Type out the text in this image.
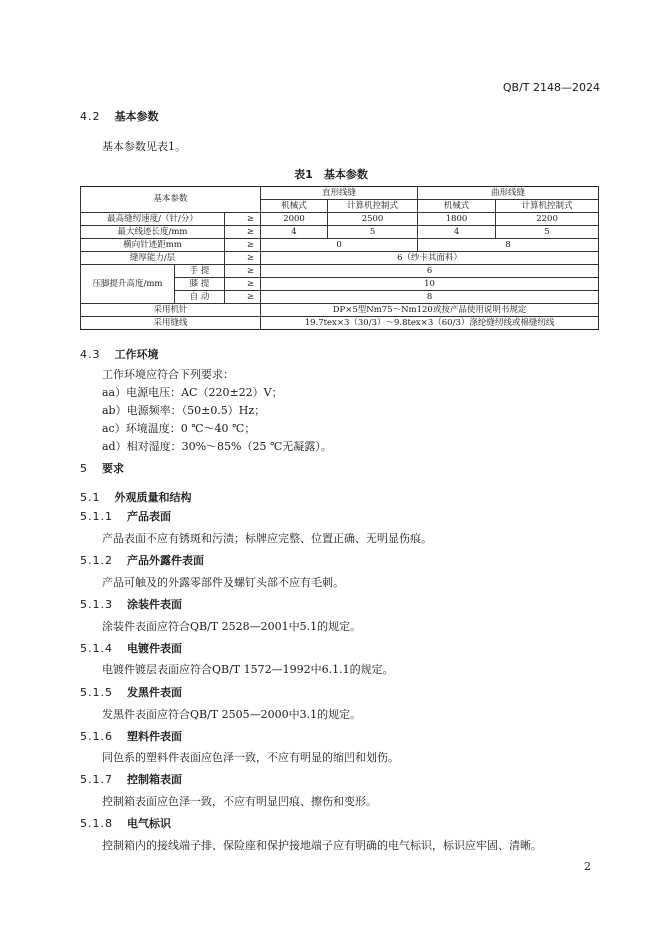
QB/T 2148—2024
4.2 基本参数
基本参数见表1。
表1　基本参数
基本参数			直形线缝		曲形线缝	
			机械式	计算机控制式	机械式	计算机控制式
最高缝纫速度/（针/分）		≥	2000	2500	1800	2200
最大线迹长度/mm		≥	4	5	4	5
横向针迹距mm		≥	0		8	
缝厚能力/层		≥	6（纱卡其面料）			
压脚提升高度/mm	手 提	≥	6			
	膝 提	≥	10			
	自 动	≥	8			
采用机针			DP×5型Nm75～Nm120或按产品使用说明书规定			
采用缝线			19.7tex×3（30/3）～9.8tex×3（60/3）涤纶缝纫线或棉缝纫线			
4.3 工作环境
工作环境应符合下列要求：
aa）电源电压：AC（220±22）V；
ab）电源频率：（50±0.5）Hz；
ac）环境温度：0 ℃～40 ℃；
ad）相对湿度：30%～85%（25 ℃无凝露）。
5 要求
5.1 外观质量和结构
5.1.1 产品表面
产品表面不应有锈斑和污渍；标牌应完整、位置正确、无明显伤痕。
5.1.2 产品外露件表面
产品可触及的外露零部件及螺钉头部不应有毛刺。
5.1.3 涂装件表面
涂装件表面应符合QB/T 2528—2001中5.1的规定。
5.1.4 电镀件表面
电镀件镀层表面应符合QB/T 1572—1992中6.1.1的规定。
5.1.5 发黑件表面
发黑件表面应符合QB/T 2505—2000中3.1的规定。
5.1.6 塑料件表面
同色系的塑料件表面应色泽一致，不应有明显的缩凹和划伤。
5.1.7 控制箱表面
控制箱表面应色泽一致，不应有明显凹痕、擦伤和变形。
5.1.8 电气标识
控制箱内的接线端子排、保险座和保护接地端子应有明确的电气标识，标识应牢固、清晰。
2
